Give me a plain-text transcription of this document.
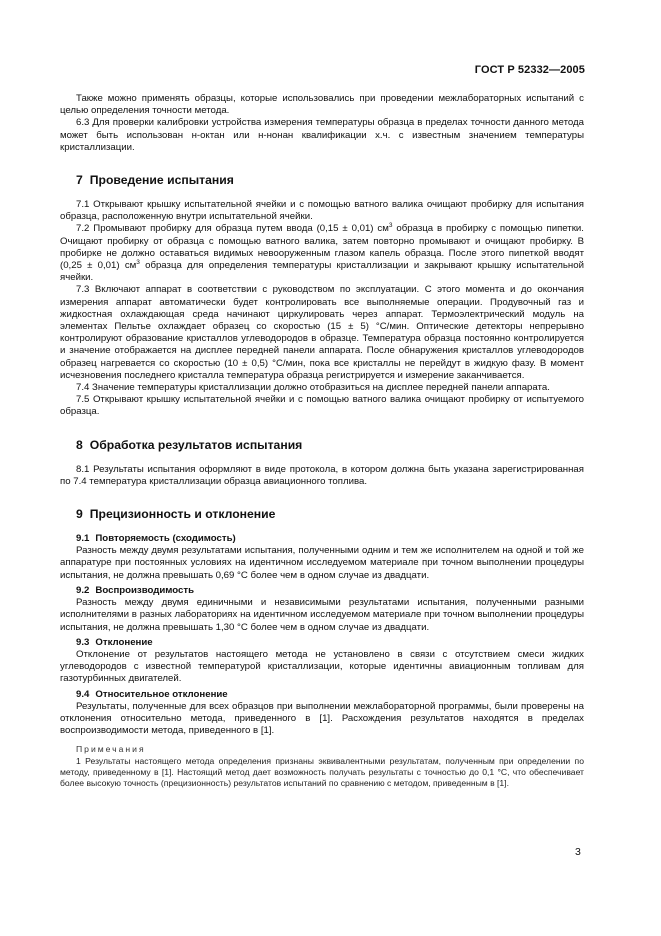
ГОСТ Р 52332—2005

Также можно применять образцы, которые использовались при проведении межлабораторных испытаний с целью определения точности метода.

6.3 Для проверки калибровки устройства измерения температуры образца в пределах точности данного метода может быть использован н-октан или н-нонан квалификации х.ч. с известным значением температуры кристаллизации.

7 Проведение испытания

7.1 Открывают крышку испытательной ячейки и с помощью ватного валика очищают пробирку для испытания образца, расположенную внутри испытательной ячейки.

7.2 Промывают пробирку для образца путем ввода (0,15 ± 0,01) $см^3$ образца в пробирку с помощью пипетки. Очищают пробирку от образца с помощью ватного валика, затем повторно промывают и очищают пробирку. В пробирке не должно оставаться видимых невооруженным глазом капель образца. После этого пипеткой вводят (0,25 ± 0,01) $см^3$ образца для определения температуры кристаллизации и закрывают крышку испытательной ячейки.

7.3 Включают аппарат в соответствии с руководством по эксплуатации. С этого момента и до окончания измерения аппарат автоматически будет контролировать все выполняемые операции. Продувочный газ и жидкостная охлаждающая среда начинают циркулировать через аппарат. Термоэлектрический модуль на элементах Пельтье охлаждает образец со скоростью (15 ± 5) °С/мин. Оптические детекторы непрерывно контролируют образование кристаллов углеводородов в образце. Температура образца постоянно контролируется и значение отображается на дисплее передней панели аппарата. После обнаружения кристаллов углеводородов образец нагревается со скоростью (10 ± 0,5) °С/мин, пока все кристаллы не перейдут в жидкую фазу. В момент исчезновения последнего кристалла температура образца регистрируется и измерение заканчивается.

7.4 Значение температуры кристаллизации должно отобразиться на дисплее передней панели аппарата.

7.5 Открывают крышку испытательной ячейки и с помощью ватного валика очищают пробирку от испытуемого образца.

8 Обработка результатов испытания

8.1 Результаты испытания оформляют в виде протокола, в котором должна быть указана зарегистрированная по 7.4 температура кристаллизации образца авиационного топлива.

9 Прецизионность и отклонение
9.1 Повторяемость (сходимость)

Разность между двумя результатами испытания, полученными одним и тем же исполнителем на одной и той же аппаратуре при постоянных условиях на идентичном исследуемом материале при точном выполнении процедуры испытания, не должна превышать 0,69 °С более чем в одном случае из двадцати.

9.2 Воспроизводимость

Разность между двумя единичными и независимыми результатами испытания, полученными разными исполнителями в разных лабораториях на идентичном исследуемом материале при точном выполнении процедуры испытания, не должна превышать 1,30 °С более чем в одном случае из двадцати.

9.3 Отклонение

Отклонение от результатов настоящего метода не установлено в связи с отсутствием смеси жидких углеводородов с известной температурой кристаллизации, которые идентичны авиационным топливам для газотурбинных двигателей.

9.4 Относительное отклонение

Результаты, полученные для всех образцов при выполнении межлабораторной программы, были проверены на отклонения относительно метода, приведенного в [1]. Расхождения результатов находятся в пределах воспроизводимости метода, приведенного в [1].

Примечания

1 Результаты настоящего метода определения признаны эквивалентными результатам, полученным при определении по методу, приведенному в [1]. Настоящий метод дает возможность получать результаты с точностью до 0,1 °С, что обеспечивает более высокую точность (прецизионность) результатов испытаний по сравнению с методом, приведенным в [1].

3
